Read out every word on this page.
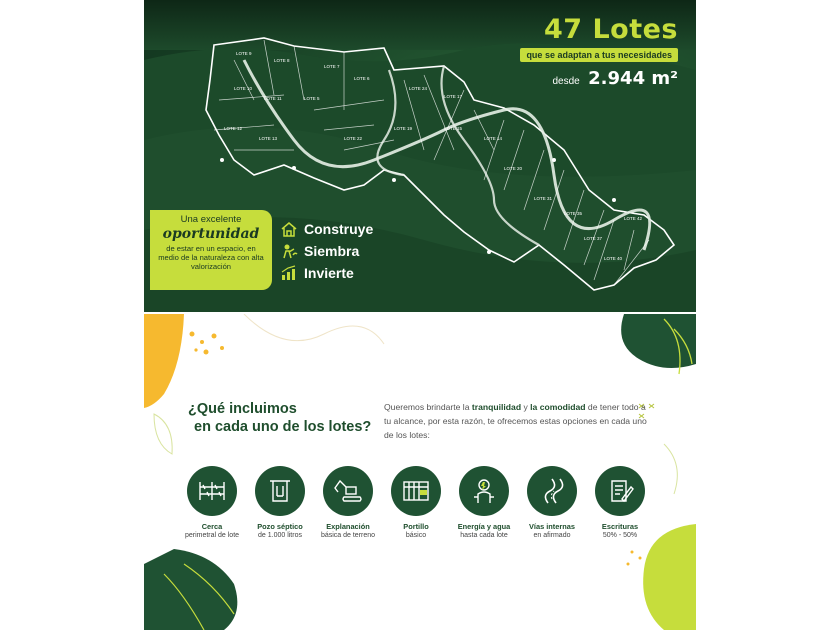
LOTE 9
LOTE 8
LOTE 7
LOTE 6
LOTE 24
LOTE 17
LOTE 10
LOTE 11	LOTE 5
LOTE 12
LOTE 13	LOTE 22
LOTE 19	LOTE 15
LOTE 14
LOTE 20
LOTE 31
LOTE 35
LOTE 37
LOTE 40
LOTE 42
47 Lotes
que se adaptan a tus necesidades
desde 2.944 m²
Una excelente
oportunidad
de estar en un espacio, en medio de la naturaleza con alta valorización
Construye
Siembra
Invierte
¿Qué incluimos
en cada uno de los lotes?
Queremos brindarte la tranquilidad y la comodidad de tener todo a tu alcance, por esta razón, te ofrecemos estas opciones en cada uno de los lotes:
Cerca
perimetral de lote
Pozo séptico
de 1.000 litros
Explanación
básica de terreno
Portillo
básico
Energía y agua
hasta cada lote
Vías internas
en afirmado
Escrituras
50% - 50%
